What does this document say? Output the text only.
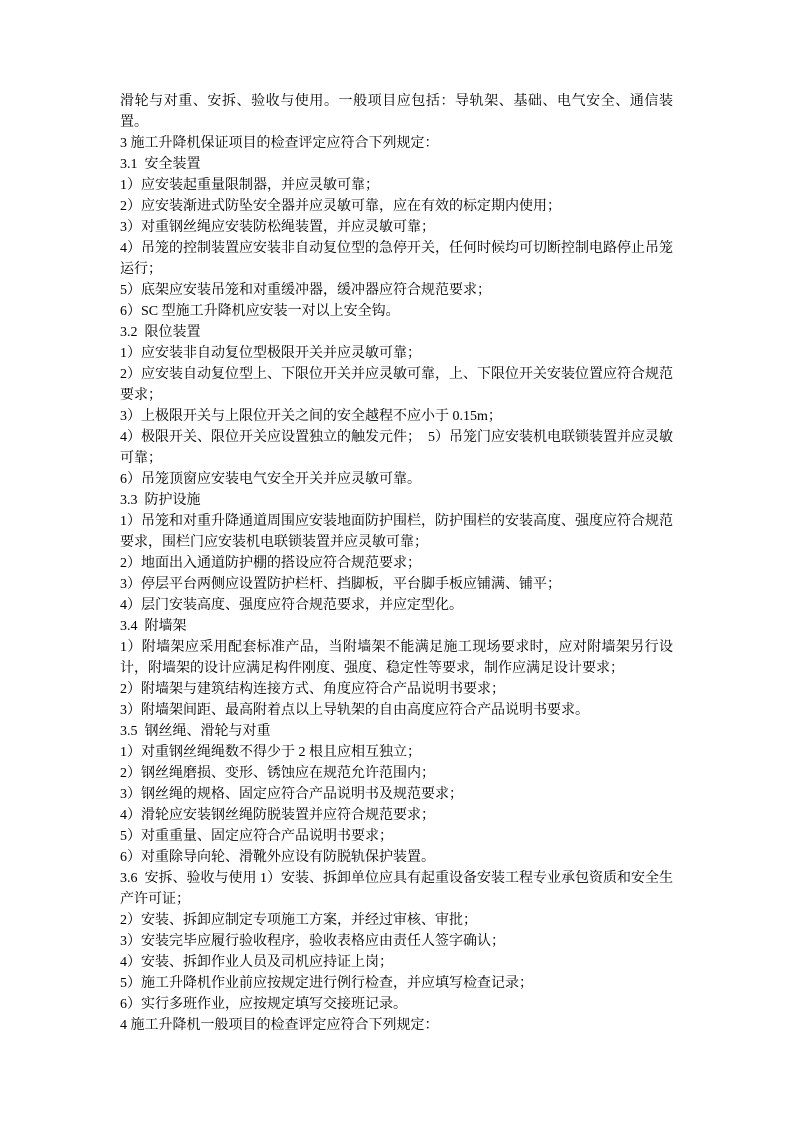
滑轮与对重、安拆、验收与使用。一般项目应包括：导轨架、基础、电气安全、通信装置。

3 施工升降机保证项目的检查评定应符合下列规定：

3.1  安全装置

1）应安装起重量限制器，并应灵敏可靠；

2）应安装渐进式防坠安全器并应灵敏可靠，应在有效的标定期内使用；

3）对重钢丝绳应安装防松绳装置，并应灵敏可靠；

4）吊笼的控制装置应安装非自动复位型的急停开关，任何时候均可切断控制电路停止吊笼运行；

5）底架应安装吊笼和对重缓冲器，缓冲器应符合规范要求；

6）SC 型施工升降机应安装一对以上安全钩。

3.2  限位装置

1）应安装非自动复位型极限开关并应灵敏可靠；

2）应安装自动复位型上、下限位开关并应灵敏可靠，上、下限位开关安装位置应符合规范要求；

3）上极限开关与上限位开关之间的安全越程不应小于 0.15m；

4）极限开关、限位开关应设置独立的触发元件；  5）吊笼门应安装机电联锁装置并应灵敏可靠；

6）吊笼顶窗应安装电气安全开关并应灵敏可靠。

3.3  防护设施

1）吊笼和对重升降通道周围应安装地面防护围栏，防护围栏的安装高度、强度应符合规范要求，围栏门应安装机电联锁装置并应灵敏可靠；

2）地面出入通道防护棚的搭设应符合规范要求；

3）停层平台两侧应设置防护栏杆、挡脚板，平台脚手板应铺满、铺平；

4）层门安装高度、强度应符合规范要求，并应定型化。

3.4  附墙架

1）附墙架应采用配套标准产品，当附墙架不能满足施工现场要求时，应对附墙架另行设计，附墙架的设计应满足构件刚度、强度、稳定性等要求，制作应满足设计要求；

2）附墙架与建筑结构连接方式、角度应符合产品说明书要求；

3）附墙架间距、最高附着点以上导轨架的自由高度应符合产品说明书要求。

3.5  钢丝绳、滑轮与对重

1）对重钢丝绳绳数不得少于 2 根且应相互独立；

2）钢丝绳磨损、变形、锈蚀应在规范允许范围内；

3）钢丝绳的规格、固定应符合产品说明书及规范要求；

4）滑轮应安装钢丝绳防脱装置并应符合规范要求；

5）对重重量、固定应符合产品说明书要求；

6）对重除导向轮、滑靴外应设有防脱轨保护装置。

3.6  安拆、验收与使用 1）安装、拆卸单位应具有起重设备安装工程专业承包资质和安全生产许可证；

2）安装、拆卸应制定专项施工方案，并经过审核、审批；

3）安装完毕应履行验收程序，验收表格应由责任人签字确认；

4）安装、拆卸作业人员及司机应持证上岗；

5）施工升降机作业前应按规定进行例行检查，并应填写检查记录；

6）实行多班作业，应按规定填写交接班记录。

4 施工升降机一般项目的检查评定应符合下列规定：
